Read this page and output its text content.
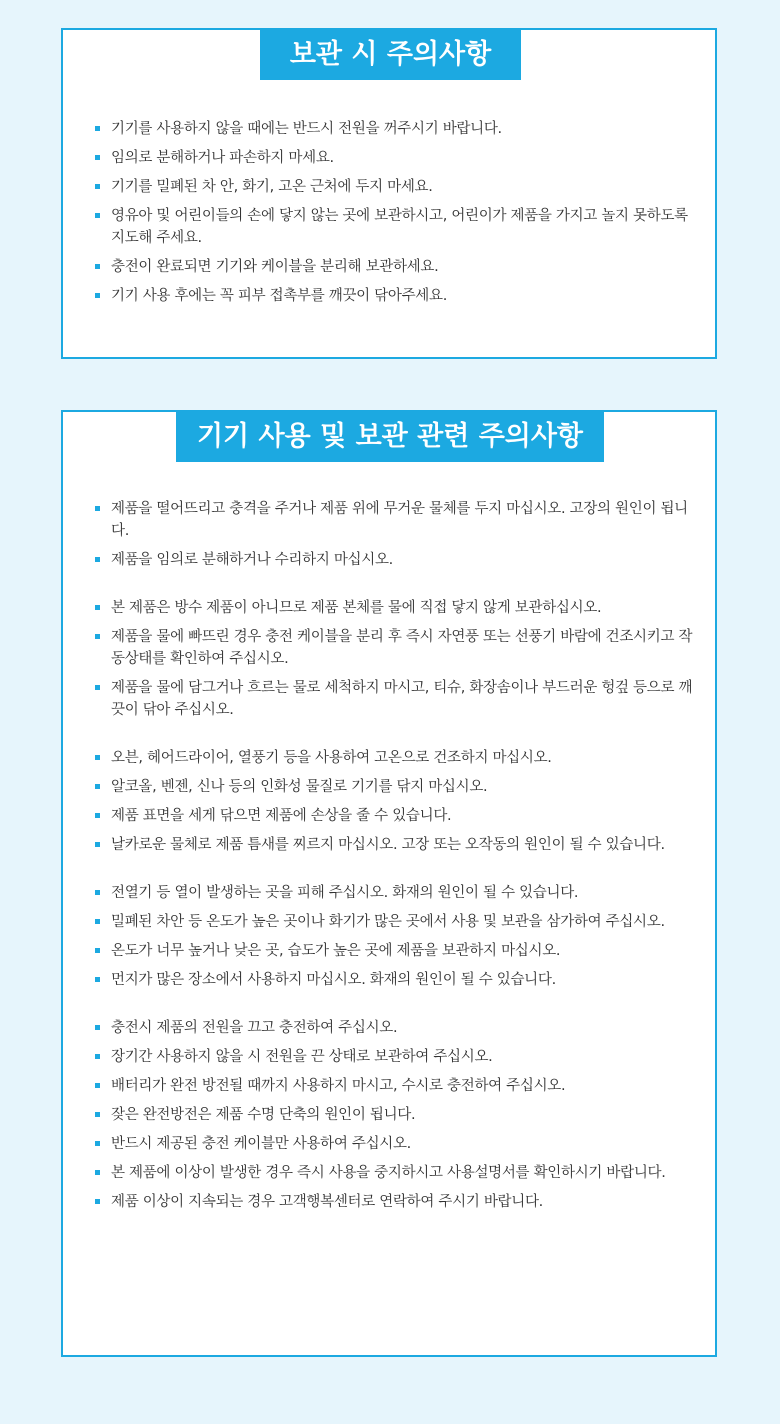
보관 시 주의사항
기기를 사용하지 않을 때에는 반드시 전원을 꺼주시기 바랍니다.
임의로 분해하거나 파손하지 마세요.
기기를 밀폐된 차 안, 화기, 고온 근처에 두지 마세요.
영유아 및 어린이들의 손에 닿지 않는 곳에 보관하시고, 어린이가 제품을 가지고 놀지 못하도록 지도해 주세요.
충전이 완료되면 기기와 케이블을 분리해 보관하세요.
기기 사용 후에는 꼭 피부 접촉부를 깨끗이 닦아주세요.
기기 사용 및 보관 관련 주의사항
제품을 떨어뜨리고 충격을 주거나 제품 위에 무거운 물체를 두지 마십시오. 고장의 원인이 됩니다.
제품을 임의로 분해하거나 수리하지 마십시오.
본 제품은 방수 제품이 아니므로 제품 본체를 물에 직접 닿지 않게 보관하십시오.
제품을 물에 빠뜨린 경우 충전 케이블을 분리 후 즉시 자연풍 또는 선풍기 바람에 건조시키고 작동상태를 확인하여 주십시오.
제품을 물에 담그거나 흐르는 물로 세척하지 마시고, 티슈, 화장솜이나 부드러운 헝겊 등으로 깨끗이 닦아 주십시오.
오븐, 헤어드라이어, 열풍기 등을 사용하여 고온으로 건조하지 마십시오.
알코올, 벤젠, 신나 등의 인화성 물질로 기기를 닦지 마십시오.
제품 표면을 세게 닦으면 제품에 손상을 줄 수 있습니다.
날카로운 물체로 제품 틈새를 찌르지 마십시오. 고장 또는 오작동의 원인이 될 수 있습니다.
전열기 등 열이 발생하는 곳을 피해 주십시오. 화재의 원인이 될 수 있습니다.
밀폐된 차안 등 온도가 높은 곳이나 화기가 많은 곳에서 사용 및 보관을 삼가하여 주십시오.
온도가 너무 높거나 낮은 곳, 습도가 높은 곳에 제품을 보관하지 마십시오.
먼지가 많은 장소에서 사용하지 마십시오. 화재의 원인이 될 수 있습니다.
충전시 제품의 전원을 끄고 충전하여 주십시오.
장기간 사용하지 않을 시 전원을 끈 상태로 보관하여 주십시오.
배터리가 완전 방전될 때까지 사용하지 마시고, 수시로 충전하여 주십시오.
잦은 완전방전은 제품 수명 단축의 원인이 됩니다.
반드시 제공된 충전 케이블만 사용하여 주십시오.
본 제품에 이상이 발생한 경우 즉시 사용을 중지하시고 사용설명서를 확인하시기 바랍니다.
제품 이상이 지속되는 경우 고객행복센터로 연락하여 주시기 바랍니다.
